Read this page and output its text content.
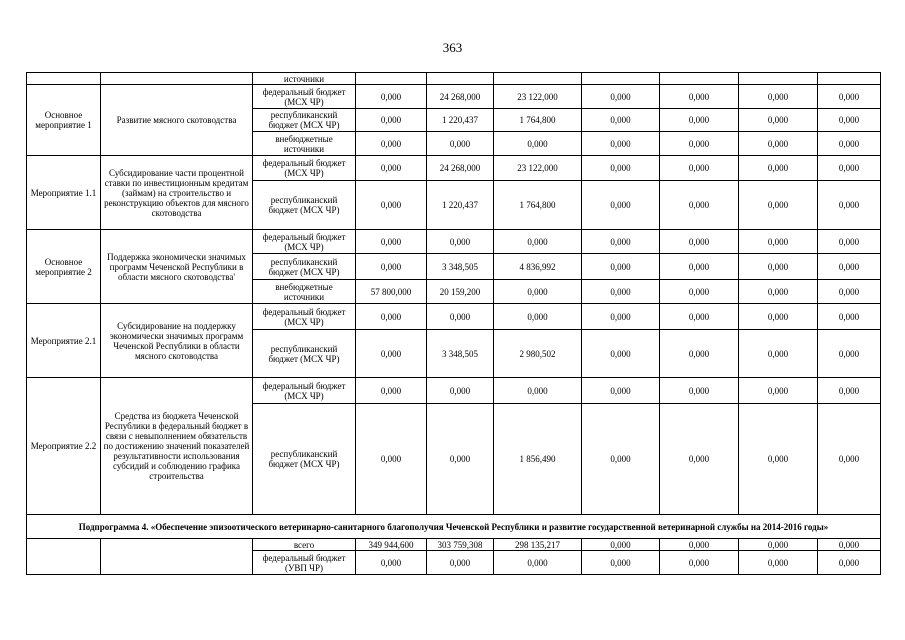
363
		источники							
Основное мероприятие 1	Развитие мясного скотоводства	федеральный бюджет (МСХ ЧР)	0,000	24 268,000	23 122,000	0,000	0,000	0,000	0,000
		республиканский бюджет (МСХ ЧР)	0,000	1 220,437	1 764,800	0,000	0,000	0,000	0,000
		внебюджетные источники	0,000	0,000	0,000	0,000	0,000	0,000	0,000
Мероприятие 1.1	Субсидирование части процентной ставки по инвестиционным кредитам (займам) на строительство и реконструкцию объектов для мясного скотоводства	федеральный бюджет (МСХ ЧР)	0,000	24 268,000	23 122,000	0,000	0,000	0,000	0,000
		республиканский бюджет (МСХ ЧР)	0,000	1 220,437	1 764,800	0,000	0,000	0,000	0,000
Основное мероприятие 2	Поддержка экономически значимых программ Чеченской Республики в области мясного скотоводства'	федеральный бюджет (МСХ ЧР)	0,000	0,000	0,000	0,000	0,000	0,000	0,000
		республиканский бюджет (МСХ ЧР)	0,000	3 348,505	4 836,992	0,000	0,000	0,000	0,000
		внебюджетные источники	57 800,000	20 159,200	0,000	0,000	0,000	0,000	0,000
Мероприятие 2.1	Субсидирование на поддержку экономически значимых программ Чеченской Республики в области мясного скотоводства	федеральный бюджет (МСХ ЧР)	0,000	0,000	0,000	0,000	0,000	0,000	0,000
		республиканский бюджет (МСХ ЧР)	0,000	3 348,505	2 980,502	0,000	0,000	0,000	0,000
Мероприятие 2.2	Средства из бюджета Чеченской Республики в федеральный бюджет в связи с невыполнением обязательств по достижению значений показателей результативности использования субсидий и соблюдению графика строительства	федеральный бюджет (МСХ ЧР)	0,000	0,000	0,000	0,000	0,000	0,000	0,000
		республиканский бюджет (МСХ ЧР)	0,000	0,000	1 856,490	0,000	0,000	0,000	0,000
Подпрограмма 4. «Обеспечение эпизоотического ветеринарно-санитарного благополучия Чеченской Республики и развитие государственной ветеринарной службы на 2014-2016 годы»									
		всего	349 944,600	303 759,308	298 135,217	0,000	0,000	0,000	0,000
		федеральный бюджет (УВП ЧР)	0,000	0,000	0,000	0,000	0,000	0,000	0,000
